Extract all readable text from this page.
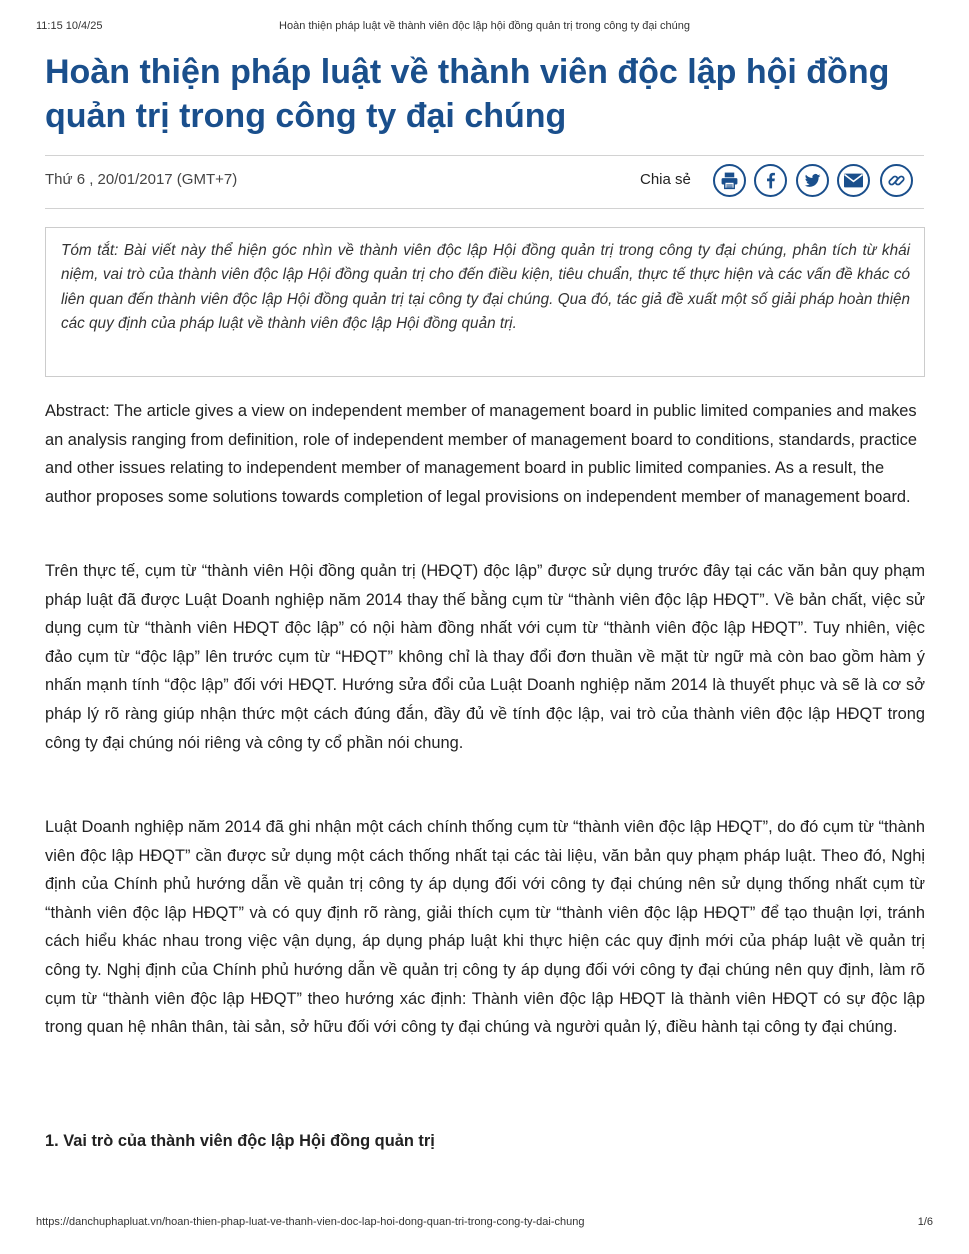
11:15 10/4/25	Hoàn thiện pháp luật về thành viên độc lập hội đồng quản trị trong công ty đại chúng
Hoàn thiện pháp luật về thành viên độc lập hội đồng quản trị trong công ty đại chúng
Thứ 6 , 20/01/2017 (GMT+7)	Chia sẻ

Tóm tắt: Bài viết này thể hiện góc nhìn về thành viên độc lập Hội đồng quản trị trong công ty đại chúng, phân tích từ khái niệm, vai trò của thành viên độc lập Hội đồng quản trị cho đến điều kiện, tiêu chuẩn, thực tế thực hiện và các vấn đề khác có liên quan đến thành viên độc lập Hội đồng quản trị tại công ty đại chúng. Qua đó, tác giả đề xuất một số giải pháp hoàn thiện các quy định của pháp luật về thành viên độc lập Hội đồng quản trị.

Abstract: The article gives a view on independent member of management board in public limited companies and makes an analysis ranging from definition, role of independent member of management board to conditions, standards, practice and other issues relating to independent member of management board in public limited companies. As a result, the author proposes some solutions towards completion of legal provisions on independent member of management board.

Trên thực tế, cụm từ “thành viên Hội đồng quản trị (HĐQT) độc lập” được sử dụng trước đây tại các văn bản quy phạm pháp luật đã được Luật Doanh nghiệp năm 2014 thay thế bằng cụm từ “thành viên độc lập HĐQT”. Về bản chất, việc sử dụng cụm từ “thành viên HĐQT độc lập” có nội hàm đồng nhất với cụm từ “thành viên độc lập HĐQT”. Tuy nhiên, việc đảo cụm từ “độc lập” lên trước cụm từ “HĐQT” không chỉ là thay đổi đơn thuần về mặt từ ngữ mà còn bao gồm hàm ý nhấn mạnh tính “độc lập” đối với HĐQT. Hướng sửa đổi của Luật Doanh nghiệp năm 2014 là thuyết phục và sẽ là cơ sở pháp lý rõ ràng giúp nhận thức một cách đúng đắn, đầy đủ về tính độc lập, vai trò của thành viên độc lập HĐQT trong công ty đại chúng nói riêng và công ty cổ phần nói chung.

Luật Doanh nghiệp năm 2014 đã ghi nhận một cách chính thống cụm từ “thành viên độc lập HĐQT”, do đó cụm từ “thành viên độc lập HĐQT” cần được sử dụng một cách thống nhất tại các tài liệu, văn bản quy phạm pháp luật. Theo đó, Nghị định của Chính phủ hướng dẫn về quản trị công ty áp dụng đối với công ty đại chúng nên sử dụng thống nhất cụm từ “thành viên độc lập HĐQT” và có quy định rõ ràng, giải thích cụm từ “thành viên độc lập HĐQT” để tạo thuận lợi, tránh cách hiểu khác nhau trong việc vận dụng, áp dụng pháp luật khi thực hiện các quy định mới của pháp luật về quản trị công ty. Nghị định của Chính phủ hướng dẫn về quản trị công ty áp dụng đối với công ty đại chúng nên quy định, làm rõ cụm từ “thành viên độc lập HĐQT” theo hướng xác định: Thành viên độc lập HĐQT là thành viên HĐQT có sự độc lập trong quan hệ nhân thân, tài sản, sở hữu đối với công ty đại chúng và người quản lý, điều hành tại công ty đại chúng.

1. Vai trò của thành viên độc lập Hội đồng quản trị
https://danchuphapluat.vn/hoan-thien-phap-luat-ve-thanh-vien-doc-lap-hoi-dong-quan-tri-trong-cong-ty-dai-chung	1/6
